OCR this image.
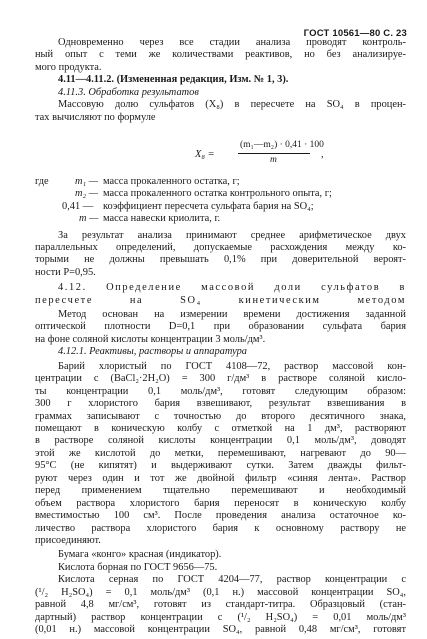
ГОСТ 10561—80 С. 23
Одновременно через все стадии анализа проводят контроль-
ный опыт с теми же количествами реактивов, но без анализируе-
мого продукта.
4.11—4.11.2. (Измененная редакция, Изм. № 1, 3).
4.11.3. Обработка результатов
Массовую долю сульфатов (X₈) в пересчете на SO₄ в процен-
тах вычисляют по формуле
X₈ =
(m₁—m₂) · 0,41 · 100
m	,
где	m₁ — масса прокаленного остатка, г;
m₂ — масса прокаленного остатка контрольного опыта, г;
0,41 — коэффициент пересчета сульфата бария на SO₄;
m — масса навески криолита, г.
За результат анализа принимают среднее арифметическое двух
параллельных определений, допускаемые расхождения между ко-
торыми не должны превышать 0,1% при доверительной вероят-
ности P=0,95.
4.12. Определение массовой доли сульфатов в
пересчете на SO₄ кинетическим методом
Метод основан на измерении времени достижения заданной
оптической плотности D=0,1 при образовании сульфата бария
на фоне соляной кислоты концентрации 3 моль/дм³.
4.12.1. Реактивы, растворы и аппаратура
Барий хлористый по ГОСТ 4108—72, раствор массовой кон-
центрации c (BaCl₂·2H₂O) = 300 г/дм³ в растворе соляной кисло-
ты концентрации 0,1 моль/дм³, готовят следующим образом:
300 г хлористого бария взвешивают, результат взвешивания в
граммах записывают с точностью до второго десятичного знака,
помещают в коническую колбу с отметкой на 1 дм³, растворяют
в растворе соляной кислоты концентрации 0,1 моль/дм³, доводят
этой же кислотой до метки, перемешивают, нагревают до 90—
95°C (не кипятят) и выдерживают сутки. Затем дважды фильт-
руют через один и тот же двойной фильтр «синяя лента». Раствор
перед применением тщательно перемешивают и необходимый
объем раствора хлористого бария переносят в коническую колбу
вместимостью 100 см³. После проведения анализа остаточное ко-
личество раствора хлористого бария к основному раствору не
присоединяют.
Бумага «конго» красная (индикатор).
Кислота борная по ГОСТ 9656—75.
Кислота серная по ГОСТ 4204—77, раствор концентрации c
(¹/₂ H₂SO₄) = 0,1 моль/дм³ (0,1 н.) массовой концентрации SO₄,
равной 4,8 мг/см³, готовят из стандарт-титра. Образцовый (стан-
дартный) раствор концентрации c (¹/₂ H₂SO₄) = 0,01 моль/дм³
(0,01 н.) массовой концентрации SO₄, равной 0,48 мг/см³, готовят
